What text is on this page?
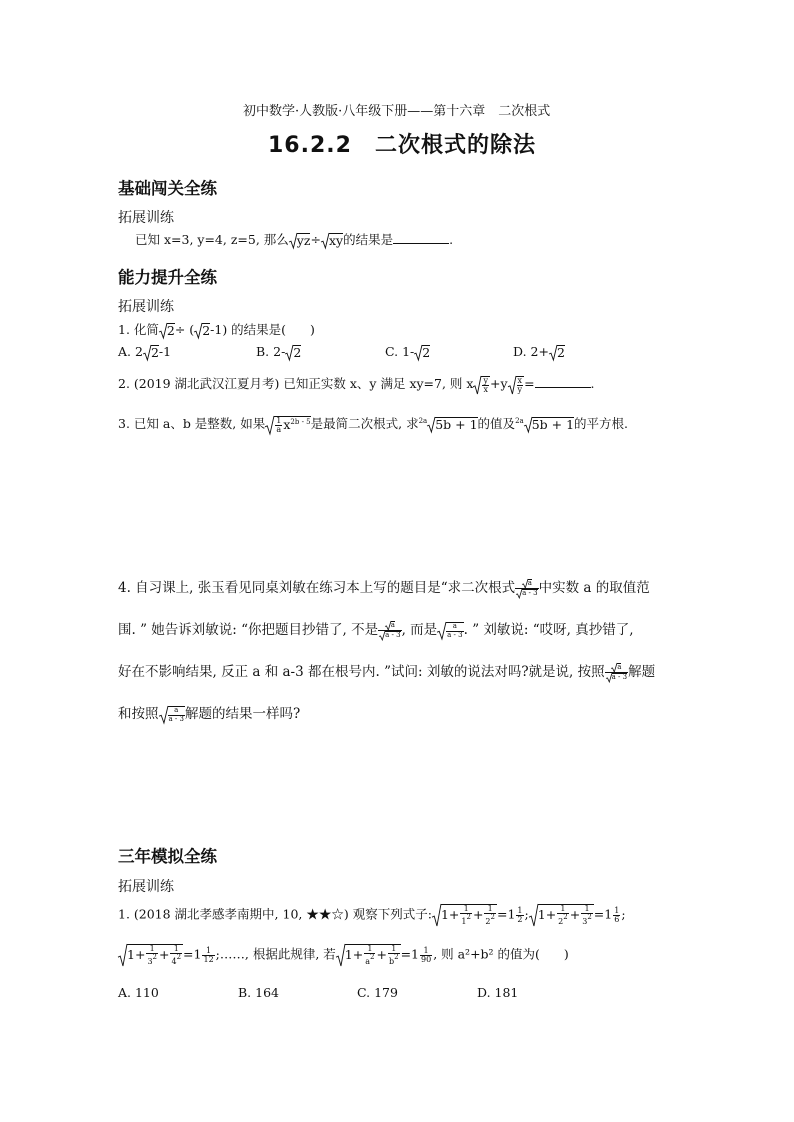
初中数学·人教版·八年级下册——第十六章　二次根式
16.2.2　二次根式的除法
基础闯关全练
拓展训练
已知 x=3, y=4, z=5, 那么 yz÷ xy的结果是	.
能力提升全练
拓展训练
1. 化简 2÷ ( 2-1) 的结果是( )
A. 2 2-1	B. 2- 2	C. 1- 2	D. 2+ 2
2. (2019 湖北武汉江夏月考) 已知正实数 x、y 满足 xy=7, 则 x $\frac{y}{x} +y \frac{x}{y}$ =	.
3. 已知 a、b 是整数, 如果 $\frac{1}{a} x^{2b - 5}$是最简二次根式, 求$^{2a}$ 5b + 1的值及$^{2a}$ 5b + 1的平方根.
4. 自习课上, 张玉看见同桌刘敏在练习本上写的题目是“求二次根式 $\frac{a}{a - 3}$ 中实数 a 的取值范
围. ” 她告诉刘敏说: “你把题目抄错了, 不是 $\frac{a}{a - 3}$ , 而是 $\frac{a}{a - 3}$ . ” 刘敏说: “哎呀, 真抄错了,
好在不影响结果, 反正 a 和 a-3 都在根号内. ”试问: 刘敏的说法对吗?就是说, 按照 $\frac{a}{a - 3}$ 解题
和按照 $\frac{a}{a - 3}$ 解题的结果一样吗?
三年模拟全练
拓展训练
1. (2018 湖北孝感孝南期中, 10, ★★☆) 观察下列式子: $1+ \frac{1}{12} + \frac{1}{22} =1 \frac{1}{2}$ ; $1+ \frac{1}{22} + \frac{1}{32} =1 \frac{1}{6}$ ;
$1+ \frac{1}{32} + \frac{1}{42} =1 \frac{1}{12}$ ;……, 根据此规律, 若 $1+ \frac{1}{a2} + \frac{1}{b2} =1 \frac{1}{90}$ , 则 a²+b² 的值为( )
A. 110	B. 164	C. 179	D. 181
